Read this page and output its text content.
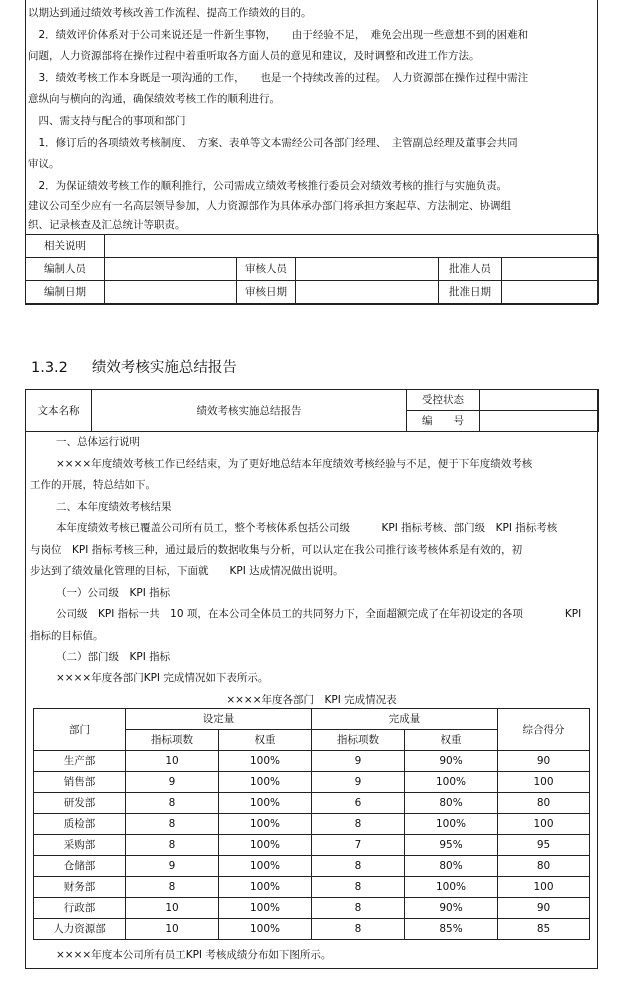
以期达到通过绩效考核改善工作流程、提高工作绩效的目的。
　2．绩效评价体系对于公司来说还是一件新生事物，　　由于经验不足，　难免会出现一些意想不到的困难和
问题，人力资源部将在操作过程中着重听取各方面人员的意见和建议，及时调整和改进工作方法。
　3．绩效考核工作本身既是一项沟通的工作，　　也是一个持续改善的过程。　人力资源部在操作过程中需注
意纵向与横向的沟通，确保绩效考核工作的顺利进行。
　四、需支持与配合的事项和部门
　1．修订后的各项绩效考核制度、　方案、表单等文本需经公司各部门经理、　主管副总经理及董事会共同
审议。
　2．为保证绩效考核工作的顺利推行，公司需成立绩效考核推行委员会对绩效考核的推行与实施负责。
建议公司至少应有一名高层领导参加，人力资源部作为具体承办部门将承担方案起草、方法制定、协调组
织、记录核查及汇总统计等职责。
相关说明					
编制人员		审核人员		批准人员	
编制日期		审核日期		批准日期	
1.3.2 绩效考核实施总结报告
文本名称	绩效考核实施总结报告	受控状态	
		编　　号	
一、总体运行说明
××××年度绩效考核工作已经结束，为了更好地总结本年度绩效考核经验与不足，便于下年度绩效考核
工作的开展，特总结如下。
二、本年度绩效考核结果
本年度绩效考核已覆盖公司所有员工，整个考核体系包括公司级　　　KPI 指标考核、部门级　KPI 指标考核
与岗位　KPI 指标考核三种，通过最后的数据收集与分析，可以认定在我公司推行该考核体系是有效的，初
步达到了绩效量化管理的目标，下面就　　KPI 达成情况做出说明。
（一）公司级　KPI 指标
公司级　KPI 指标一共　10 项，在本公司全体员工的共同努力下，全面超额完成了在年初设定的各项　　　　KPI
指标的目标值。
（二）部门级　KPI 指标
××××年度各部门KPI 完成情况如下表所示。
××××年度各部门　KPI 完成情况表
部门	设定量		完成量		综合得分
	指标项数	权重	指标项数	权重	
生产部	10	100%	9	90%	90
销售部	9	100%	9	100%	100
研发部	8	100%	6	80%	80
质检部	8	100%	8	100%	100
采购部	8	100%	7	95%	95
仓储部	9	100%	8	80%	80
财务部	8	100%	8	100%	100
行政部	10	100%	8	90%	90
人力资源部	10	100%	8	85%	85
××××年度本公司所有员工KPI 考核成绩分布如下图所示。
